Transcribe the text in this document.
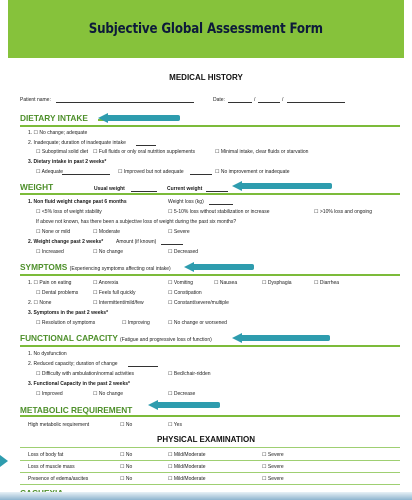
Subjective Global Assessment Form
MEDICAL HISTORY
Patient name:	Date:	/	/
DIETARY INTAKE
1. ☐ No change; adequate
2. Inadequate; duration of inadequate intake
☐ Suboptimal solid diet ☐ Full fluids or only oral nutrition supplements	☐ Minimal intake, clear fluids or starvation
3. Dietary intake in past 2 weeks*
☐ Adequate	☐ Improved but not adequate	☐ No improvement or inadequate
WEIGHT	Usual weight	Current weight
1. Non fluid weight change past 6 months	Weight loss (kg)
☐ <5% loss of weight stability	☐ 5-10% loss without stabilization or increase	☐ >10% loss and ongoing
If above not known, has there been a subjective loss of weight during the past six months?
☐ None or mild	☐ Moderate	☐ Severe
2. Weight change past 2 weeks*	Amount (if known)
☐ Increased	☐ No change	☐ Decreased
SYMPTOMS (Experiencing symptoms affecting oral intake)
1. ☐ Pain on eating	☐ Anorexia	☐ Vomiting	☐ Nausea	☐ Dysphagia	☐ Diarrhea
☐ Dental problems	☐ Feels full quickly	☐ Constipation
2. ☐ None	☐ Intermittent/mild/few	☐ Constant/severe/multiple
3. Symptoms in the past 2 weeks*
☐ Resolution of symptoms	☐ Improving	☐ No change or worsened
FUNCTIONAL CAPACITY (Fatigue and progressive loss of function)
1. No dysfunction
2. Reduced capacity; duration of change
☐ Difficulty with ambulation/normal activities	☐ Bed/chair-ridden
3. Functional Capacity in the past 2 weeks*
☐ Improved	☐ No change	☐ Decrease
METABOLIC REQUIREMENT
High metabolic requirement	☐ No	☐ Yes
PHYSICAL EXAMINATION
Loss of body fat	☐ No	☐ Mild/Moderate	☐ Severe
Loss of muscle mass	☐ No	☐ Mild/Moderate	☐ Severe
Presence of edema/ascites	☐ No	☐ Mild/Moderate	☐ Severe
